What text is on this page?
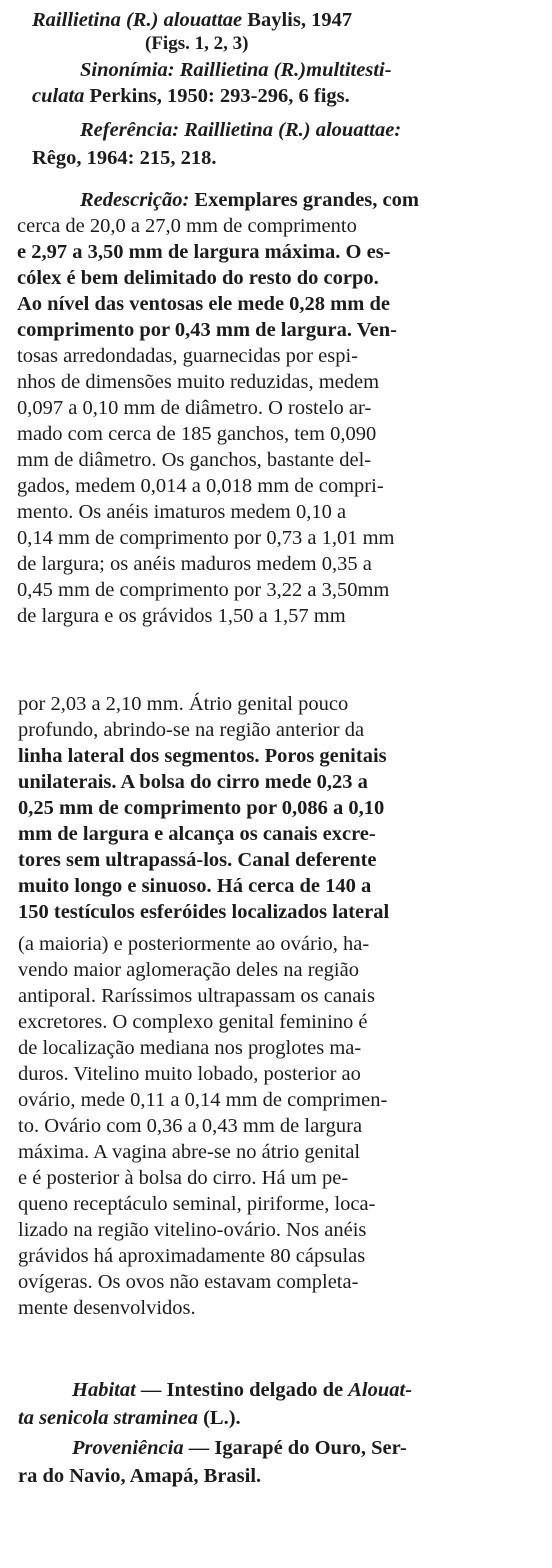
Raillietina (R.) alouattae Baylis, 1947
(Figs. 1, 2, 3)
Sinonímia: Raillietina (R.)multitesti-
culata Perkins, 1950: 293-296, 6 figs.
Referência: Raillietina (R.) alouattae:
Rêgo, 1964: 215, 218.
Redescrição: Exemplares grandes, com
cerca de 20,0 a 27,0 mm de comprimento
e 2,97 a 3,50 mm de largura máxima. O es-
cólex é bem delimitado do resto do corpo.
Ao nível das ventosas ele mede 0,28 mm de
comprimento por 0,43 mm de largura. Ven-
tosas arredondadas, guarnecidas por espi-
nhos de dimensões muito reduzidas, medem
0,097 a 0,10 mm de diâmetro. O rostelo ar-
mado com cerca de 185 ganchos, tem 0,090
mm de diâmetro. Os ganchos, bastante del-
gados, medem 0,014 a 0,018 mm de compri-
mento. Os anéis imaturos medem 0,10 a
0,14 mm de comprimento por 0,73 a 1,01 mm
de largura; os anéis maduros medem 0,35 a
0,45 mm de comprimento por 3,22 a 3,50mm
de largura e os grávidos 1,50 a 1,57 mm
por 2,03 a 2,10 mm. Átrio genital pouco
profundo, abrindo-se na região anterior da
linha lateral dos segmentos. Poros genitais
unilaterais. A bolsa do cirro mede 0,23 a
0,25 mm de comprimento por 0,086 a 0,10
mm de largura e alcança os canais excre-
tores sem ultrapassá-los. Canal deferente
muito longo e sinuoso. Há cerca de 140 a
150 testículos esferóides localizados lateral
(a maioria) e posteriormente ao ovário, ha-
vendo maior aglomeração deles na região
antiporal. Raríssimos ultrapassam os canais
excretores. O complexo genital feminino é
de localização mediana nos proglotes ma-
duros. Vitelino muito lobado, posterior ao
ovário, mede 0,11 a 0,14 mm de comprimen-
to. Ovário com 0,36 a 0,43 mm de largura
máxima. A vagina abre-se no átrio genital
e é posterior à bolsa do cirro. Há um pe-
queno receptáculo seminal, piriforme, loca-
lizado na região vitelino-ovário. Nos anéis
grávidos há aproximadamente 80 cápsulas
ovígeras. Os ovos não estavam completa-
mente desenvolvidos.
Habitat — Intestino delgado de Alouat-
ta senicola straminea (L.).
Proveniência — Igarapé do Ouro, Ser-
ra do Navio, Amapá, Brasil.
